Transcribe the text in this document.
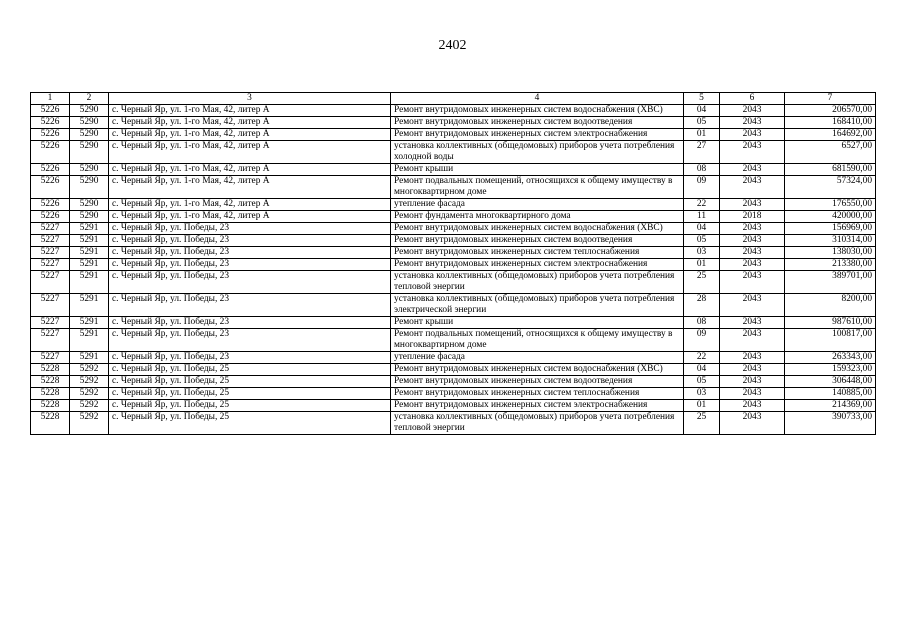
2402
1	2	3	4	5	6	7
5226	5290	с. Черный Яр, ул. 1-го Мая, 42, литер А	Ремонт внутридомовых инженерных систем водоснабжения (ХВС)	04	2043	206570,00
5226	5290	с. Черный Яр, ул. 1-го Мая, 42, литер А	Ремонт внутридомовых инженерных систем водоотведения	05	2043	168410,00
5226	5290	с. Черный Яр, ул. 1-го Мая, 42, литер А	Ремонт внутридомовых инженерных систем электроснабжения	01	2043	164692,00
5226	5290	с. Черный Яр, ул. 1-го Мая, 42, литер А	установка коллективных (общедомовых) приборов учета потребления холодной воды	27	2043	6527,00
5226	5290	с. Черный Яр, ул. 1-го Мая, 42, литер А	Ремонт крыши	08	2043	681590,00
5226	5290	с. Черный Яр, ул. 1-го Мая, 42, литер А	Ремонт подвальных помещений, относящихся к общему имуществу в многоквартирном доме	09	2043	57324,00
5226	5290	с. Черный Яр, ул. 1-го Мая, 42, литер А	утепление фасада	22	2043	176550,00
5226	5290	с. Черный Яр, ул. 1-го Мая, 42, литер А	Ремонт фундамента многоквартирного дома	11	2018	420000,00
5227	5291	с. Черный Яр, ул. Победы, 23	Ремонт внутридомовых инженерных систем водоснабжения (ХВС)	04	2043	156969,00
5227	5291	с. Черный Яр, ул. Победы, 23	Ремонт внутридомовых инженерных систем водоотведения	05	2043	310314,00
5227	5291	с. Черный Яр, ул. Победы, 23	Ремонт внутридомовых инженерных систем теплоснабжения	03	2043	138030,00
5227	5291	с. Черный Яр, ул. Победы, 23	Ремонт внутридомовых инженерных систем электроснабжения	01	2043	213380,00
5227	5291	с. Черный Яр, ул. Победы, 23	установка коллективных (общедомовых) приборов учета потребления тепловой энергии	25	2043	389701,00
5227	5291	с. Черный Яр, ул. Победы, 23	установка коллективных (общедомовых) приборов учета потребления электрической энергии	28	2043	8200,00
5227	5291	с. Черный Яр, ул. Победы, 23	Ремонт крыши	08	2043	987610,00
5227	5291	с. Черный Яр, ул. Победы, 23	Ремонт подвальных помещений, относящихся к общему имуществу в многоквартирном доме	09	2043	100817,00
5227	5291	с. Черный Яр, ул. Победы, 23	утепление фасада	22	2043	263343,00
5228	5292	с. Черный Яр, ул. Победы, 25	Ремонт внутридомовых инженерных систем водоснабжения (ХВС)	04	2043	159323,00
5228	5292	с. Черный Яр, ул. Победы, 25	Ремонт внутридомовых инженерных систем водоотведения	05	2043	306448,00
5228	5292	с. Черный Яр, ул. Победы, 25	Ремонт внутридомовых инженерных систем теплоснабжения	03	2043	140885,00
5228	5292	с. Черный Яр, ул. Победы, 25	Ремонт внутридомовых инженерных систем электроснабжения	01	2043	214369,00
5228	5292	с. Черный Яр, ул. Победы, 25	установка коллективных (общедомовых) приборов учета потребления тепловой энергии	25	2043	390733,00
